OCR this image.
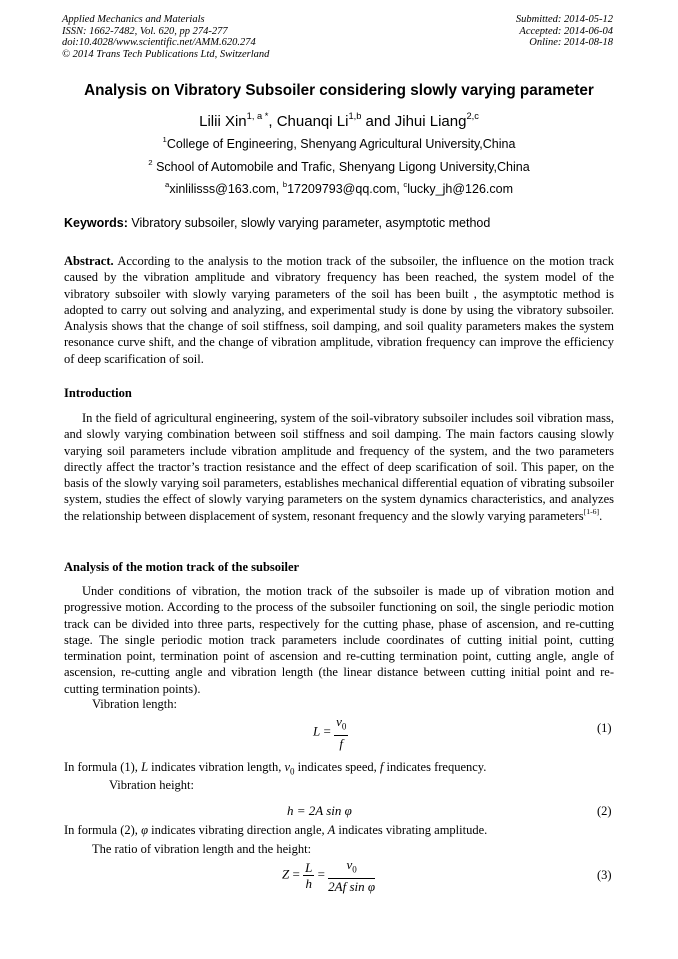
Applied Mechanics and Materials
ISSN: 1662-7482, Vol. 620, pp 274-277
doi:10.4028/www.scientific.net/AMM.620.274
© 2014 Trans Tech Publications Ltd, Switzerland
Submitted: 2014-05-12
Accepted: 2014-06-04
Online: 2014-08-18
Analysis on Vibratory Subsoiler considering slowly varying parameter
Lilii Xin$^{1, a *}$, Chuanqi Li$^{1,b}$ and Jihui Liang$^{2,c}$
$^1$College of Engineering, Shenyang Agricultural University,China
$^2$ School of Automobile and Trafic, Shenyang Ligong University,China
$^a$xinlilisss@163.com, $^b$17209793@qq.com, $^c$lucky_jh@126.com
Keywords: Vibratory subsoiler, slowly varying parameter, asymptotic method
Abstract. According to the analysis to the motion track of the subsoiler, the influence on the motion track caused by the vibration amplitude and vibratory frequency has been reached, the system model of the vibratory subsoiler with slowly varying parameters of the soil has been built , the asymptotic method is adopted to carry out solving and analyzing, and experimental study is done by using the vibratory subsoiler. Analysis shows that the change of soil stiffness, soil damping, and soil quality parameters makes the system resonance curve shift, and the change of vibration amplitude, vibration frequency can improve the efficiency of deep scarification of soil.
Introduction
In the field of agricultural engineering, system of the soil-vibratory subsoiler includes soil vibration mass, and slowly varying combination between soil stiffness and soil damping. The main factors causing slowly varying soil parameters include vibration amplitude and frequency of the system, and the two parameters directly affect the tractor’s traction resistance and the effect of deep scarification of soil. This paper, on the basis of the slowly varying soil parameters, establishes mechanical differential equation of vibrating subsoiler system, studies the effect of slowly varying parameters on the system dynamics characteristics, and analyzes the relationship between displacement of system, resonant frequency and the slowly varying parameters[1-6].
Analysis of the motion track of the subsoiler
Under conditions of vibration, the motion track of the subsoiler is made up of vibration motion and progressive motion. According to the process of the subsoiler functioning on soil, the single periodic motion track can be divided into three parts, respectively for the cutting phase, phase of ascension, and re-cutting stage. The single periodic motion track parameters include coordinates of cutting initial point, cutting termination point, termination point of ascension and re-cutting termination point, cutting angle, angle of ascension, re-cutting angle and vibration length (the linear distance between cutting initial point and re-cutting termination points).
Vibration length:
$L = \frac{v_0}{f}$	(1)
In formula (1), L indicates vibration length, $v_0$ indicates speed, f indicates frequency.
Vibration height:
h = 2A sin φ	(2)
In formula (2), φ indicates vibrating direction angle, A indicates vibrating amplitude.
The ratio of vibration length and the height:
$Z = \frac{L}{h} = \frac{v_0}{\text{2Af sin φ}}$	(3)
